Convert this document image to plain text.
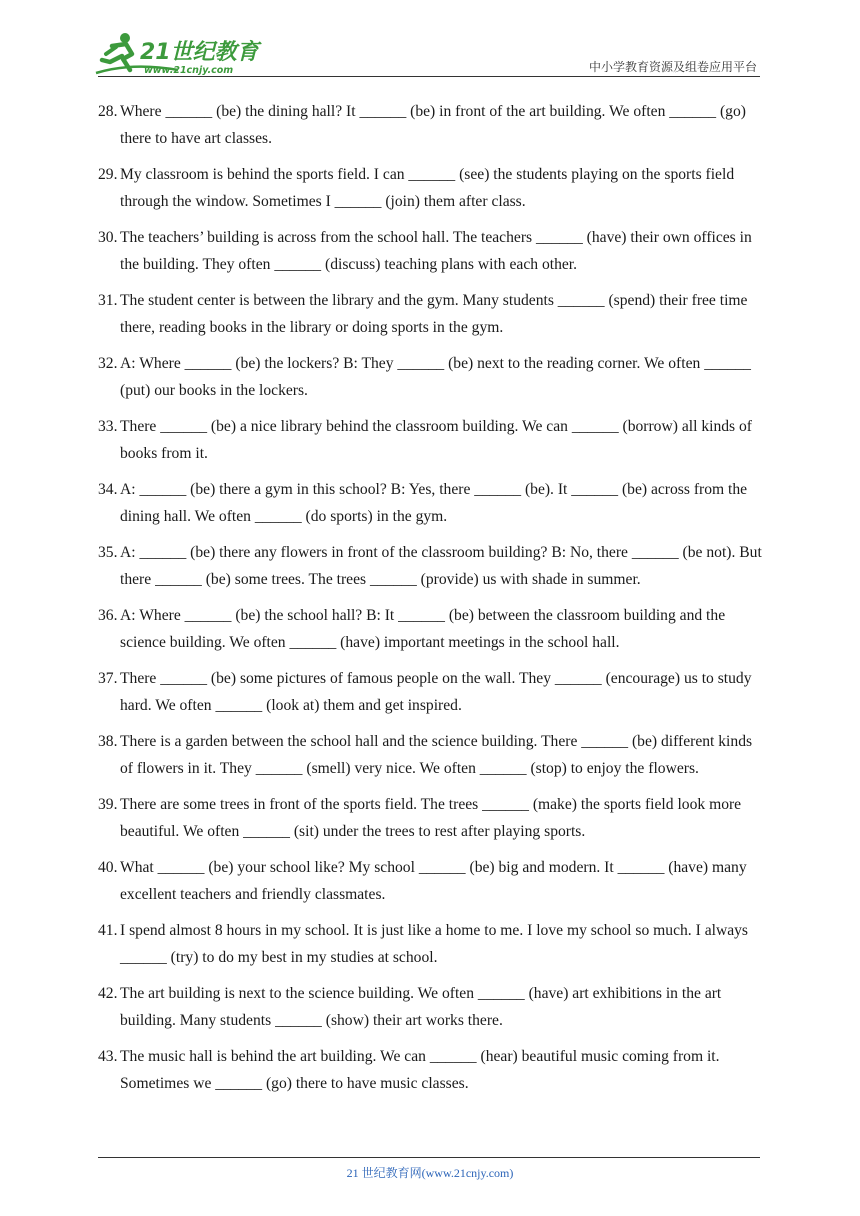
21世纪教育
www.21cnjy.com	中小学教育资源及组卷应用平台
28. Where ______ (be) the dining hall? It ______ (be) in front of the art building. We often ______ (go) there to have art classes.
29. My classroom is behind the sports field. I can ______ (see) the students playing on the sports field through the window. Sometimes I ______ (join) them after class.
30. The teachers’ building is across from the school hall. The teachers ______ (have) their own offices in the building. They often ______ (discuss) teaching plans with each other.
31. The student center is between the library and the gym. Many students ______ (spend) their free time there, reading books in the library or doing sports in the gym.
32. A: Where ______ (be) the lockers? B: They ______ (be) next to the reading corner. We often ______ (put) our books in the lockers.
33. There ______ (be) a nice library behind the classroom building. We can ______ (borrow) all kinds of books from it.
34. A: ______ (be) there a gym in this school? B: Yes, there ______ (be). It ______ (be) across from the dining hall. We often ______ (do sports) in the gym.
35. A: ______ (be) there any flowers in front of the classroom building? B: No, there ______ (be not). But there ______ (be) some trees. The trees ______ (provide) us with shade in summer.
36. A: Where ______ (be) the school hall? B: It ______ (be) between the classroom building and the science building. We often ______ (have) important meetings in the school hall.
37. There ______ (be) some pictures of famous people on the wall. They ______ (encourage) us to study hard. We often ______ (look at) them and get inspired.
38. There is a garden between the school hall and the science building. There ______ (be) different kinds of flowers in it. They ______ (smell) very nice. We often ______ (stop) to enjoy the flowers.
39. There are some trees in front of the sports field. The trees ______ (make) the sports field look more beautiful. We often ______ (sit) under the trees to rest after playing sports.
40. What ______ (be) your school like? My school ______ (be) big and modern. It ______ (have) many excellent teachers and friendly classmates.
41. I spend almost 8 hours in my school. It is just like a home to me. I love my school so much. I always ______ (try) to do my best in my studies at school.
42. The art building is next to the science building. We often ______ (have) art exhibitions in the art building. Many students ______ (show) their art works there.
43. The music hall is behind the art building. We can ______ (hear) beautiful music coming from it. Sometimes we ______ (go) there to have music classes.
21 世纪教育网(www.21cnjy.com)
